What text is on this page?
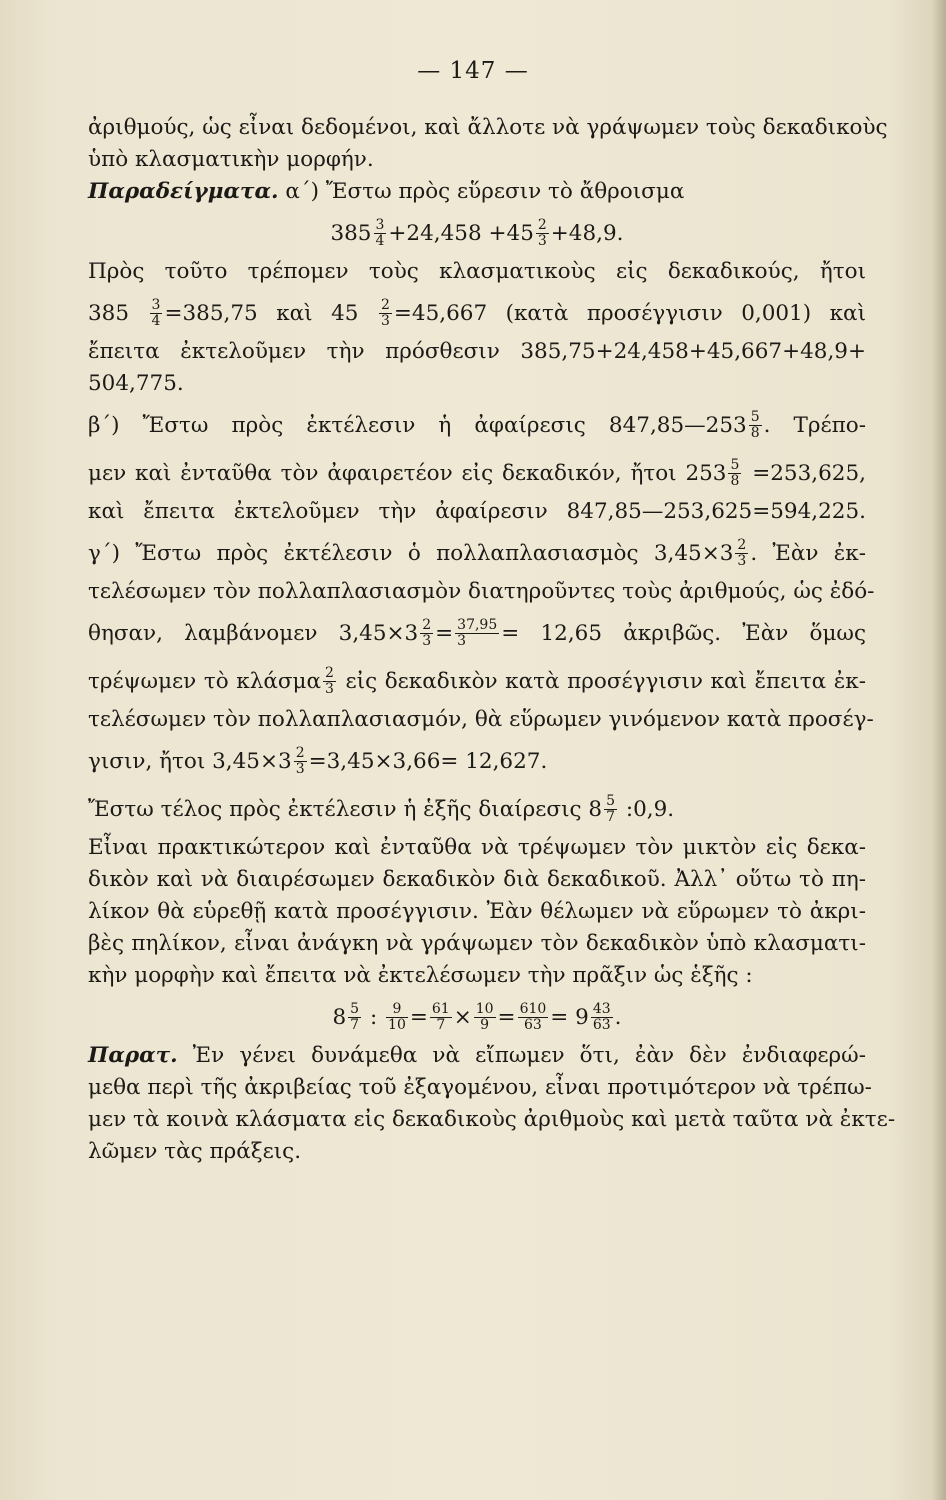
— 147 —
ἀριθμούς, ὡς εἶναι δεδομένοι, καὶ ἄλλοτε νὰ γράψωμεν τοὺς δεκαδικοὺς
ὑπὸ κλασματικὴν μορφήν.
Παραδείγματα. α΄) Ἔστω πρὸς εὕρεσιν τὸ ἄθροισμα
$385 \frac{3}{4} +24,458 +45 \frac{2}{3} +48,9$.
Πρὸς τοῦτο τρέπομεν τοὺς κλασματικοὺς εἰς δεκαδικούς, ἤτοι
$385 \frac{3}{4} =385,75$ καὶ $45 \frac{2}{3} =45,667$ (κατὰ προσέγγισιν 0,001) καὶ
ἔπειτα ἐκτελοῦμεν τὴν πρόσθεσιν 385,75+24,458+45,667+48,9+
504,775.
β΄) Ἔστω πρὸς ἐκτέλεσιν ἡ ἀφαίρεσις 847,85—253 $\frac{5}{8}$ . Τρέπο-
μεν καὶ ἐνταῦθα τὸν ἀφαιρετέον εἰς δεκαδικόν, ἤτοι $253 \frac{5}{8} =253,625$,
καὶ ἔπειτα ἐκτελοῦμεν τὴν ἀφαίρεσιν 847,85—253,625=594,225.
γ΄) Ἔστω πρὸς ἐκτέλεσιν ὁ πολλαπλασιασμὸς $3,45\times 3 \frac{2}{3}$ . Ἐὰν ἐκ-
τελέσωμεν τὸν πολλαπλασιασμὸν διατηροῦντες τοὺς ἀριθμούς, ὡς ἐδό-
θησαν, λαμβάνομεν $3,45\times 3 \frac{2}{3} = \frac{37,95}{3} = 12,65$ ἀκριβῶς. Ἐὰν ὅμως
τρέψωμεν τὸ κλάσμα $\frac{2}{3}$ εἰς δεκαδικὸν κατὰ προσέγγισιν καὶ ἔπειτα ἐκ-
τελέσωμεν τὸν πολλαπλασιασμόν, θὰ εὕρωμεν γινόμενον κατὰ προσέγ-
γισιν, ἤτοι $3,45\times 3 \frac{2}{3} =3,45\times 3,66= 12,627$.
Ἔστω τέλος πρὸς ἐκτέλεσιν ἡ ἑξῆς διαίρεσις $8 \frac{5}{7}$ :0,9.
Εἶναι πρακτικώτερον καὶ ἐνταῦθα νὰ τρέψωμεν τὸν μικτὸν εἰς δεκα-
δικὸν καὶ νὰ διαιρέσωμεν δεκαδικὸν διὰ δεκαδικοῦ. Ἀλλ᾽ οὕτω τὸ πη-
λίκον θὰ εὑρεθῇ κατὰ προσέγγισιν. Ἐὰν θέλωμεν νὰ εὕρωμεν τὸ ἀκρι-
βὲς πηλίκον, εἶναι ἀνάγκη νὰ γράψωμεν τὸν δεκαδικὸν ὑπὸ κλασματι-
κὴν μορφὴν καὶ ἔπειτα νὰ ἐκτελέσωμεν τὴν πρᾶξιν ὡς ἑξῆς :
$8 \frac{5}{7}$ : $\frac{9}{10} = \frac{61}{7} \times \frac{10}{9} = \frac{610}{63} = 9 \frac{43}{63}$ .
Παρατ. Ἐν γένει δυνάμεθα νὰ εἴπωμεν ὅτι, ἐὰν δὲν ἐνδιαφερώ-
μεθα περὶ τῆς ἀκριβείας τοῦ ἐξαγομένου, εἶναι προτιμότερον νὰ τρέπω-
μεν τὰ κοινὰ κλάσματα εἰς δεκαδικοὺς ἀριθμοὺς καὶ μετὰ ταῦτα νὰ ἐκτε-
λῶμεν τὰς πράξεις.
